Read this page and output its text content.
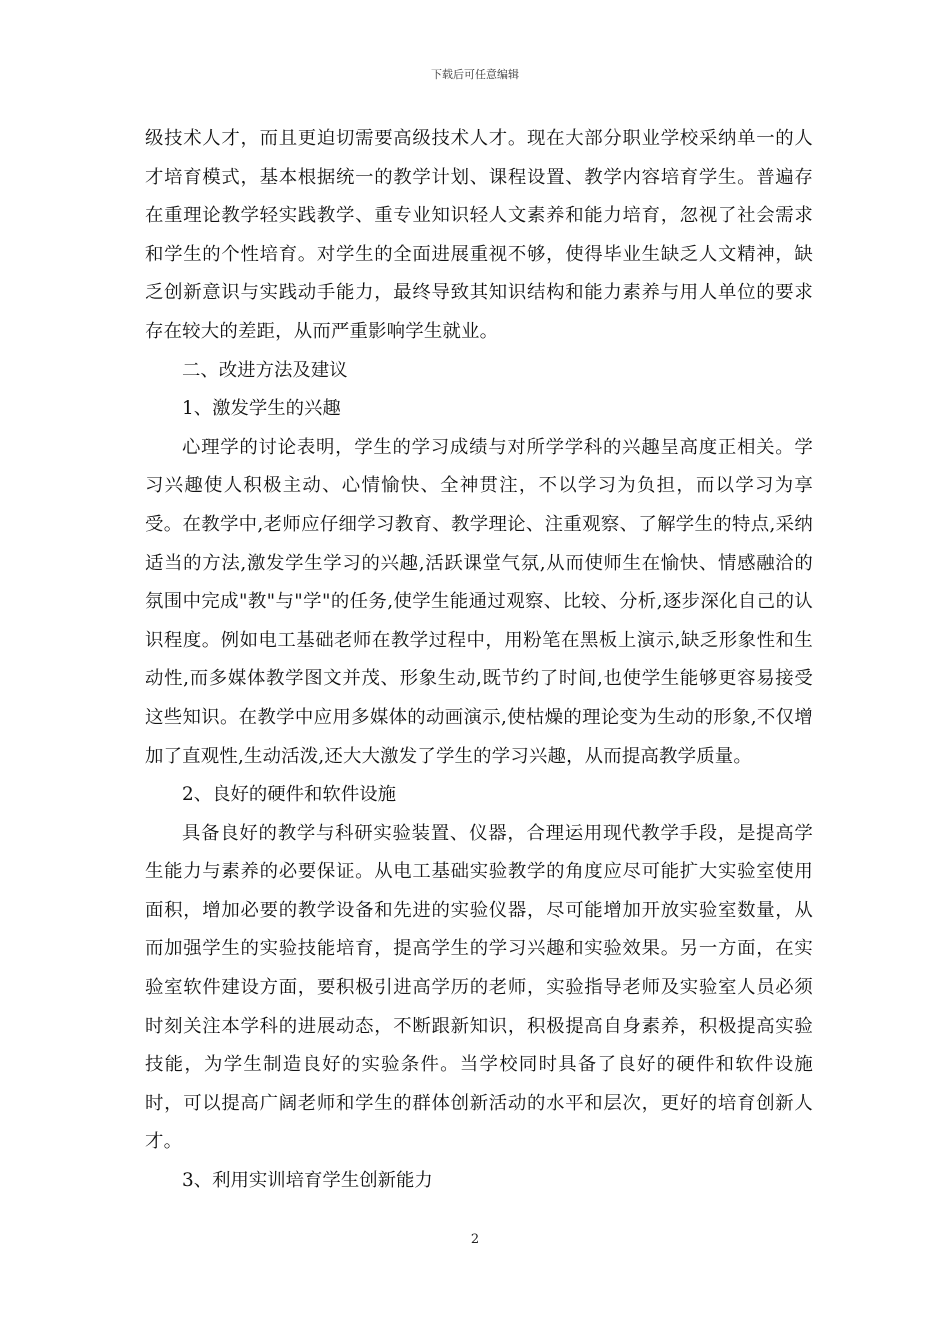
下载后可任意编辑

级技术人才，而且更迫切需要高级技术人才。现在大部分职业学校采纳单一的人才培育模式，基本根据统一的教学计划、课程设置、教学内容培育学生。普遍存在重理论教学轻实践教学、重专业知识轻人文素养和能力培育，忽视了社会需求和学生的个性培育。对学生的全面进展重视不够，使得毕业生缺乏人文精神，缺乏创新意识与实践动手能力，最终导致其知识结构和能力素养与用人单位的要求存在较大的差距，从而严重影响学生就业。

二、改进方法及建议

1、激发学生的兴趣

心理学的讨论表明，学生的学习成绩与对所学学科的兴趣呈高度正相关。学习兴趣使人积极主动、心情愉快、全神贯注，不以学习为负担，而以学习为享受。在教学中,老师应仔细学习教育、教学理论、注重观察、了解学生的特点,采纳适当的方法,激发学生学习的兴趣,活跃课堂气氛,从而使师生在愉快、情感融洽的氛围中完成"教"与"学"的任务,使学生能通过观察、比较、分析,逐步深化自己的认识程度。例如电工基础老师在教学过程中，用粉笔在黑板上演示,缺乏形象性和生动性,而多媒体教学图文并茂、形象生动,既节约了时间,也使学生能够更容易接受这些知识。在教学中应用多媒体的动画演示,使枯燥的理论变为生动的形象,不仅增加了直观性,生动活泼,还大大激发了学生的学习兴趣，从而提高教学质量。

2、良好的硬件和软件设施

具备良好的教学与科研实验装置、仪器，合理运用现代教学手段，是提高学生能力与素养的必要保证。从电工基础实验教学的角度应尽可能扩大实验室使用面积，增加必要的教学设备和先进的实验仪器，尽可能增加开放实验室数量，从而加强学生的实验技能培育，提高学生的学习兴趣和实验效果。另一方面，在实验室软件建设方面，要积极引进高学历的老师，实验指导老师及实验室人员必须时刻关注本学科的进展动态，不断跟新知识，积极提高自身素养，积极提高实验技能，为学生制造良好的实验条件。当学校同时具备了良好的硬件和软件设施时，可以提高广阔老师和学生的群体创新活动的水平和层次，更好的培育创新人才。

3、利用实训培育学生创新能力

2
